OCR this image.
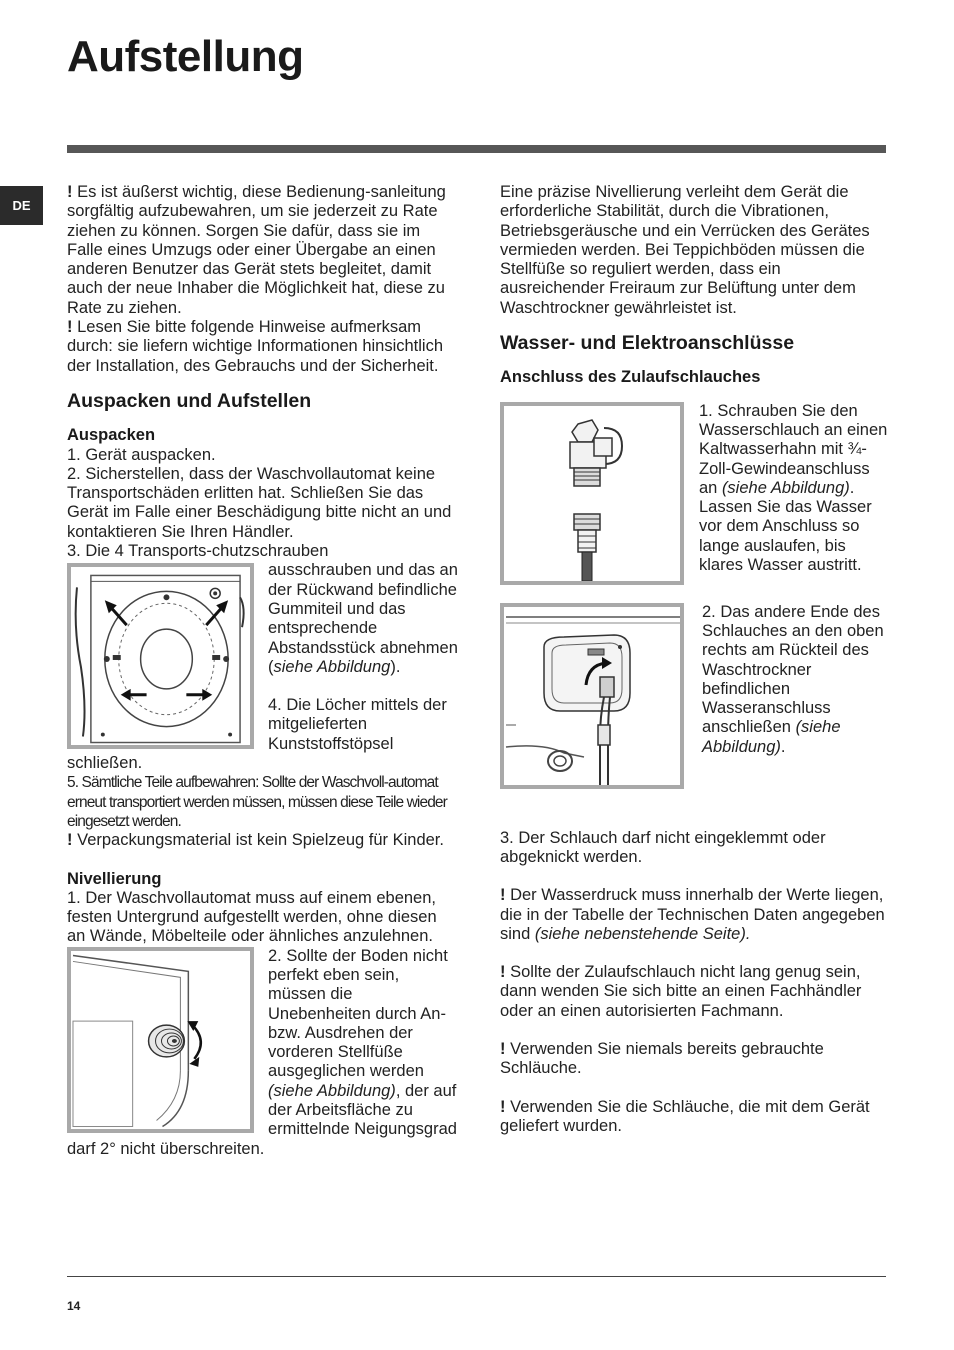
Aufstellung
DE

! Es ist äußerst wichtig, diese Bedienung-sanleitung sorgfältig aufzubewahren, um sie jederzeit zu Rate ziehen zu können. Sorgen Sie dafür, dass sie im Falle eines Umzugs oder einer Übergabe an einen anderen Benutzer das Gerät stets begleitet, damit auch der neue Inhaber die Möglichkeit hat, diese zu Rate zu ziehen.

! Lesen Sie bitte folgende Hinweise aufmerksam durch: sie liefern wichtige Informationen hinsichtlich der Installation, des Gebrauchs und der Sicherheit.

Auspacken und Aufstellen
Auspacken

1. Gerät auspacken.

2. Sicherstellen, dass der Waschvollautomat keine Transportschäden erlitten hat. Schließen Sie das Gerät im Falle einer Beschädigung bitte nicht an und kontaktieren Sie Ihren Händler.

3. Die 4 Transports-chutzschrauben

ausschrauben und das an der Rückwand befindliche Gummiteil und das entsprechende Abstandsstück abnehmen (siehe Abbildung).

4. Die Löcher mittels der mitgelieferten Kunststoffstöpsel schließen.

5. Sämtliche Teile aufbewahren: Sollte der Waschvoll-automat erneut transportiert werden müssen, müssen diese Teile wieder eingesetzt werden.

! Verpackungsmaterial ist kein Spielzeug für Kinder.

Nivellierung

1. Der Waschvollautomat muss auf einem ebenen, festen Untergrund aufgestellt werden, ohne diesen an Wände, Möbelteile oder ähnliches anzulehnen.

2. Sollte der Boden nicht perfekt eben sein, müssen die Unebenheiten durch An- bzw. Ausdrehen der vorderen Stellfüße ausgeglichen werden (siehe Abbildung), der auf der Arbeitsfläche zu ermittelnde Neigungsgrad darf 2° nicht überschreiten.

Eine präzise Nivellierung verleiht dem Gerät die erforderliche Stabilität, durch die Vibrationen, Betriebsgeräusche und ein Verrücken des Gerätes vermieden werden. Bei Teppichböden müssen die Stellfüße so reguliert werden, dass ein ausreichender Freiraum zur Belüftung unter dem Waschtrockner gewährleistet ist.

Wasser- und Elektroanschlüsse
Anschluss des Zulaufschlauches

1. Schrauben Sie den Wasserschlauch an einen Kaltwasserhahn mit ¾-Zoll-Gewindeanschluss an (siehe Abbildung). Lassen Sie das Wasser vor dem Anschluss so lange auslaufen, bis klares Wasser austritt.

2. Das andere Ende des Schlauches an den oben rechts am Rückteil des Waschtrockner befindlichen Wasseranschluss anschließen (siehe Abbildung).

3. Der Schlauch darf nicht eingeklemmt oder abgeknickt werden.

! Der Wasserdruck muss innerhalb der Werte liegen, die in der Tabelle der Technischen Daten angegeben sind (siehe nebenstehende Seite).

! Sollte der Zulaufschlauch nicht lang genug sein, dann wenden Sie sich bitte an einen Fachhändler oder an einen autorisierten Fachmann.

! Verwenden Sie niemals bereits gebrauchte Schläuche.

! Verwenden Sie die Schläuche, die mit dem Gerät geliefert wurden.

14
